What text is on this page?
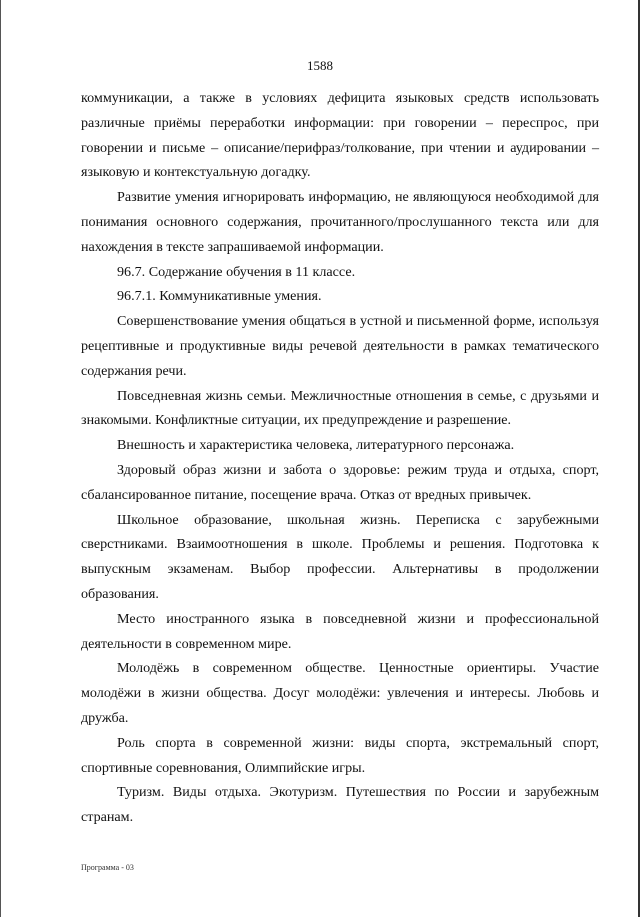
1588

коммуникации, а также в условиях дефицита языковых средств использовать различные приёмы переработки информации: при говорении – переспрос, при говорении и письме – описание/перифраз/толкование, при чтении и аудировании – языковую и контекстуальную догадку.

Развитие умения игнорировать информацию, не являющуюся необходимой для понимания основного содержания, прочитанного/прослушанного текста или для нахождения в тексте запрашиваемой информации.

96.7. Содержание обучения в 11 классе.

96.7.1. Коммуникативные умения.

Совершенствование умения общаться в устной и письменной форме, используя рецептивные и продуктивные виды речевой деятельности в рамках тематического содержания речи.

Повседневная жизнь семьи. Межличностные отношения в семье, с друзьями и знакомыми. Конфликтные ситуации, их предупреждение и разрешение.

Внешность и характеристика человека, литературного персонажа.

Здоровый образ жизни и забота о здоровье: режим труда и отдыха, спорт, сбалансированное питание, посещение врача. Отказ от вредных привычек.

Школьное образование, школьная жизнь. Переписка с зарубежными сверстниками. Взаимоотношения в школе. Проблемы и решения. Подготовка к выпускным экзаменам. Выбор профессии. Альтернативы в продолжении образования.

Место иностранного языка в повседневной жизни и профессиональной деятельности в современном мире.

Молодёжь в современном обществе. Ценностные ориентиры. Участие молодёжи в жизни общества. Досуг молодёжи: увлечения и интересы. Любовь и дружба.

Роль спорта в современной жизни: виды спорта, экстремальный спорт, спортивные соревнования, Олимпийские игры.

Туризм. Виды отдыха. Экотуризм. Путешествия по России и зарубежным странам.

Программа - 03
